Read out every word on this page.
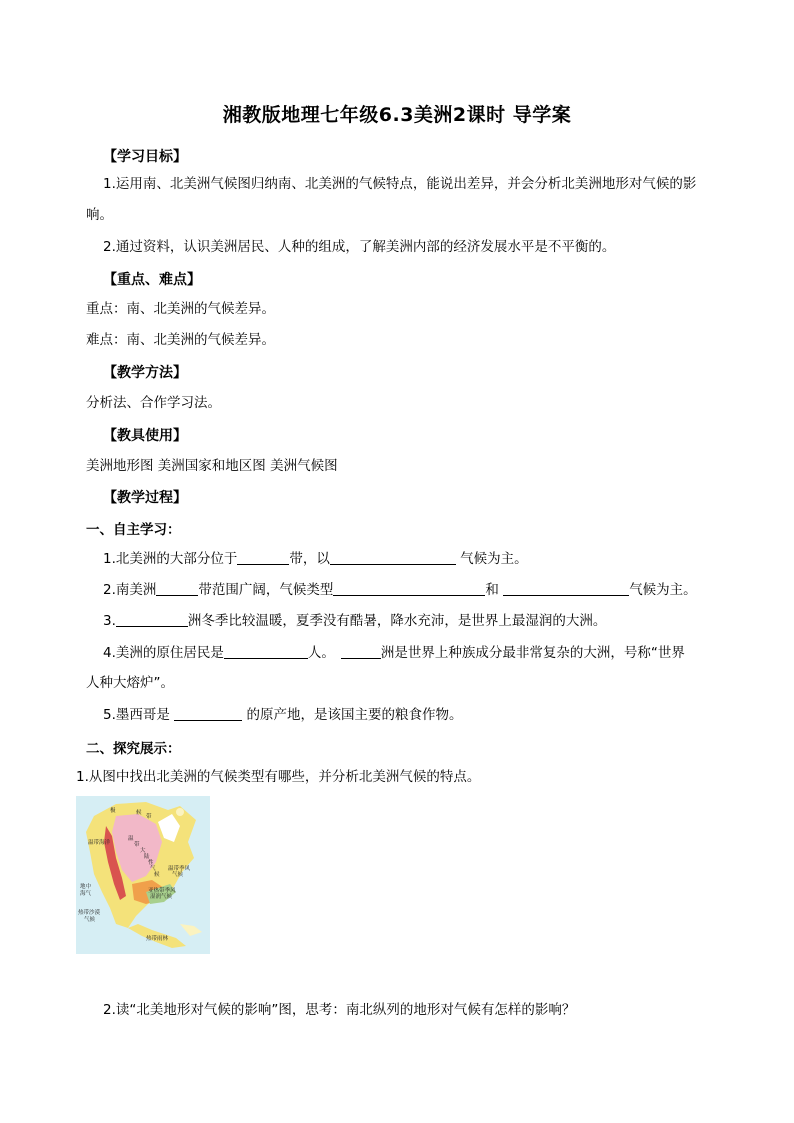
湘教版地理七年级6.3美洲2课时 导学案
【学习目标】
1.运用南、北美洲气候图归纳南、北美洲的气候特点，能说出差异，并会分析北美洲地形对气候的影
响。
2.通过资料，认识美洲居民、人种的组成，了解美洲内部的经济发展水平是不平衡的。
【重点、难点】
重点：南、北美洲的气候差异。
难点：南、北美洲的气候差异。
【教学方法】
分析法、合作学习法。
【教具使用】
美洲地形图 美洲国家和地区图 美洲气候图
【教学过程】
一、自主学习：
1.北美洲的大部分位于	带，以	气候为主。
2.南美洲	带范围广阔，气候类型	和	气候为主。
3.	洲冬季比较温暖，夏季没有酷暑，降水充沛，是世界上最湿润的大洲。
4.美洲的原住居民是	人。	洲是世界上种族成分最非常复杂的大洲，号称“世界
人种大熔炉”。
5.墨西哥是	的原产地，是该国主要的粮食作物。
二、探究展示：
1.从图中找出北美洲的气候类型有哪些，并分析北美洲气候的特点。
极	候
带
温
带
大
陆
性
气
候
地中
海气
热带沙漠
气候
温带季风
气候
温带海洋
亚热带季风
湿润气候
热带雨林
2.读“北美地形对气候的影响”图，思考：南北纵列的地形对气候有怎样的影响？
